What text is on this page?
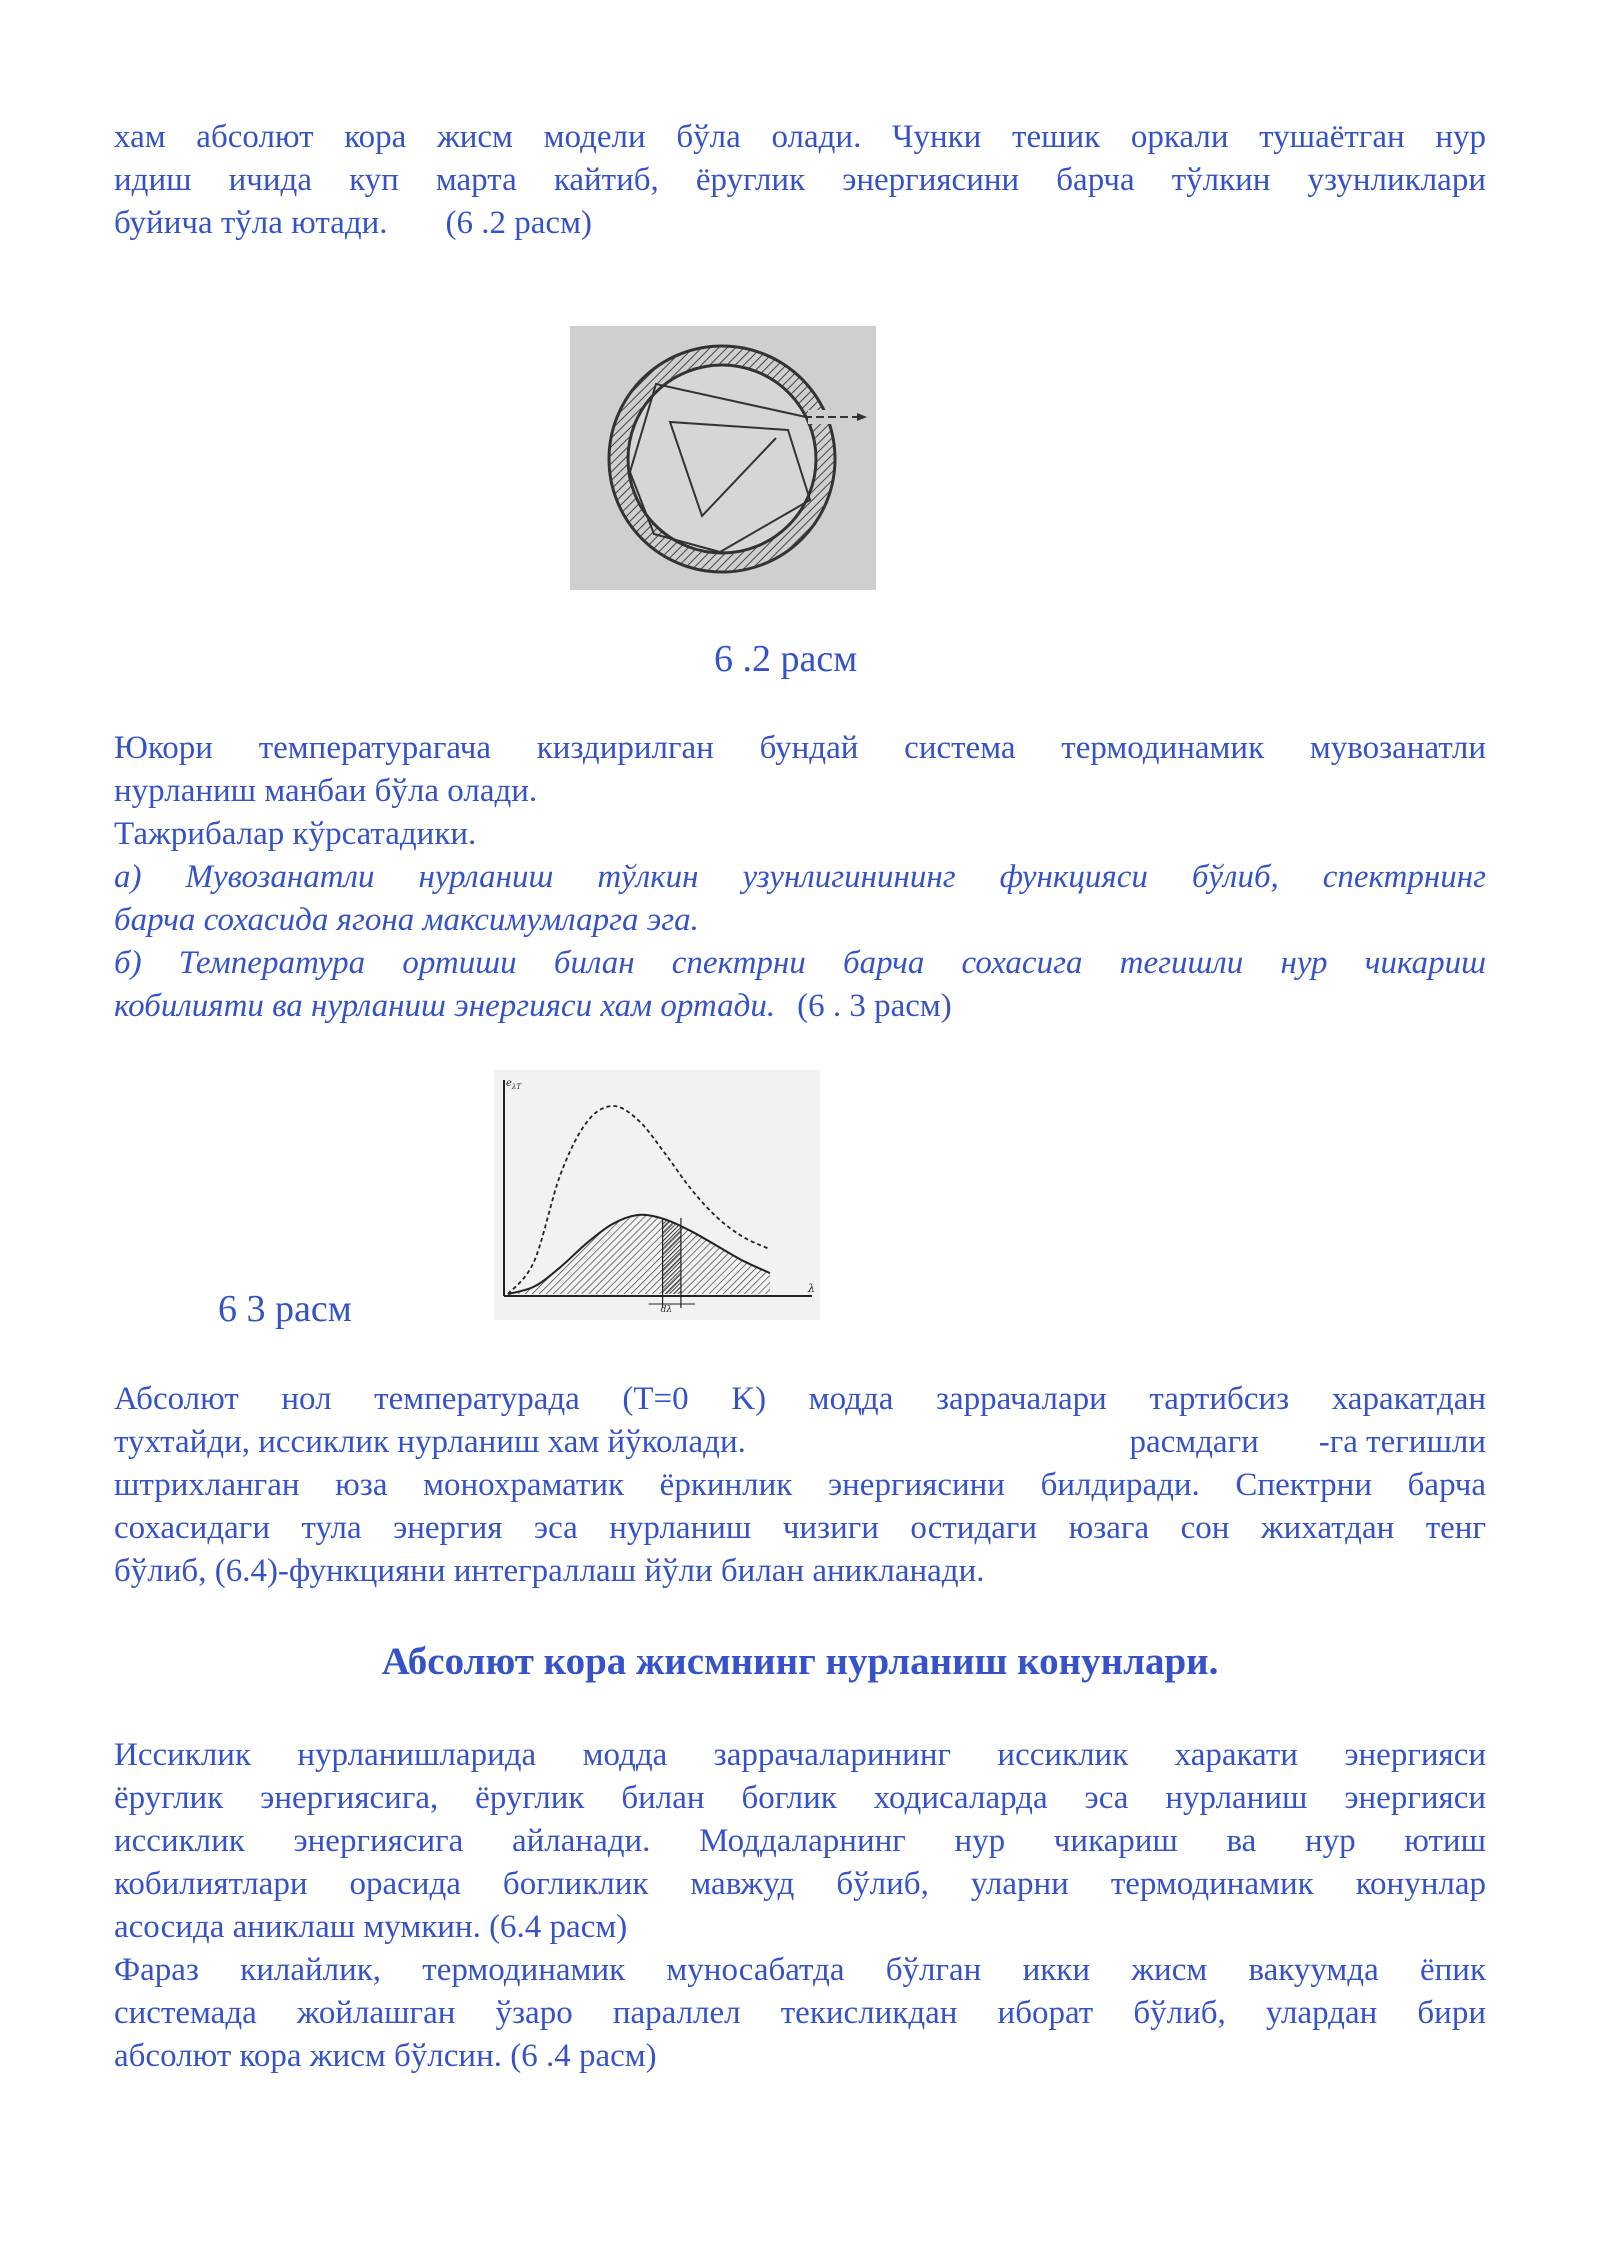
хам абсолют кора жисм модели бўла олади. Чунки тешик оркали тушаётган нур
идиш ичида куп марта кайтиб, ёруглик энергиясини барча тўлкин узунликлари
буйича тўла ютади. (6 .2 расм)
6 .2 расм
Юкори температурагача киздирилган бундай система термодинамик мувозанатли
нурланиш манбаи бўла олади.
Тажрибалар кўрсатадики.
а) Мувозанатли нурланиш тўлкин узунлигинининг функцияси бўлиб, спектрнинг
барча сохасида ягона максимумларга эга.
б) Температура ортиши билан спектрни барча сохасига тегишли нур чикариш
кобилияти ва нурланиш энергияси хам ортади. (6 . 3 расм)
6 3 расм
$e_{\lambda T}$
λ
dλ
Абсолют нол температурада (T=0 K) модда заррачалари тартибсиз харакатдан
тухтайди, иссиклик нурланиш хам йўколади.	расмдаги -га тегишли
штрихланган юза монохраматик ёркинлик энергиясини билдиради. Спектрни барча
сохасидаги тула энергия эса нурланиш чизиги остидаги юзага сон жихатдан тенг
бўлиб, (6.4)-функцияни интеграллаш йўли билан аникланади.
Абсолют кора жисмнинг нурланиш конунлари.
Иссиклик нурланишларида модда заррачаларининг иссиклик харакати энергияси
ёруглик энергиясига, ёруглик билан боглик ходисаларда эса нурланиш энергияси
иссиклик энергиясига айланади. Моддаларнинг нур чикариш ва нур ютиш
кобилиятлари орасида богликлик мавжуд бўлиб, уларни термодинамик конунлар
асосида аниклаш мумкин. (6.4 расм)
Фараз килайлик, термодинамик муносабатда бўлган икки жисм вакуумда ёпик
системада жойлашган ўзаро параллел текисликдан иборат бўлиб, улардан бири
абсолют кора жисм бўлсин. (6 .4 расм)
